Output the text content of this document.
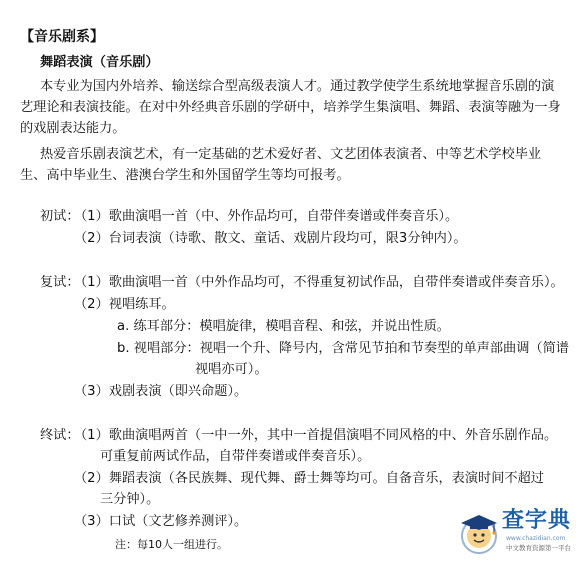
【音乐剧系】
舞蹈表演（音乐剧）
本专业为国内外培养、输送综合型高级表演人才。通过教学使学生系统地掌握音乐剧的演
艺理论和表演技能。在对中外经典音乐剧的学研中，培养学生集演唱、舞蹈、表演等融为一身
的戏剧表达能力。
热爱音乐剧表演艺术，有一定基础的艺术爱好者、文艺团体表演者、中等艺术学校毕业
生、高中毕业生、港澳台学生和外国留学生等均可报考。
初试：
（1）歌曲演唱一首（中、外作品均可，自带伴奏谱或伴奏音乐）。
（2）台词表演（诗歌、散文、童话、戏剧片段均可，限3分钟内）。
复试：
（1）歌曲演唱一首（中外作品均可，不得重复初试作品，自带伴奏谱或伴奏音乐）。
（2）视唱练耳。
a. 练耳部分：模唱旋律，模唱音程、和弦，并说出性质。
b. 视唱部分：视唱一个升、降号内，含常见节拍和节奏型的单声部曲调（简谱
视唱亦可）。
（3）戏剧表演（即兴命题）。
终试：
（1）歌曲演唱两首（一中一外，其中一首提倡演唱不同风格的中、外音乐剧作品。
可重复前两试作品，自带伴奏谱或伴奏音乐）。
（2）舞蹈表演（各民族舞、现代舞、爵士舞等均可。自备音乐，表演时间不超过
三分钟）。
（3）口试（文艺修养测评）。
注：每10人一组进行。
查字典
www.chazidian.com
中文教育资源第一平台
